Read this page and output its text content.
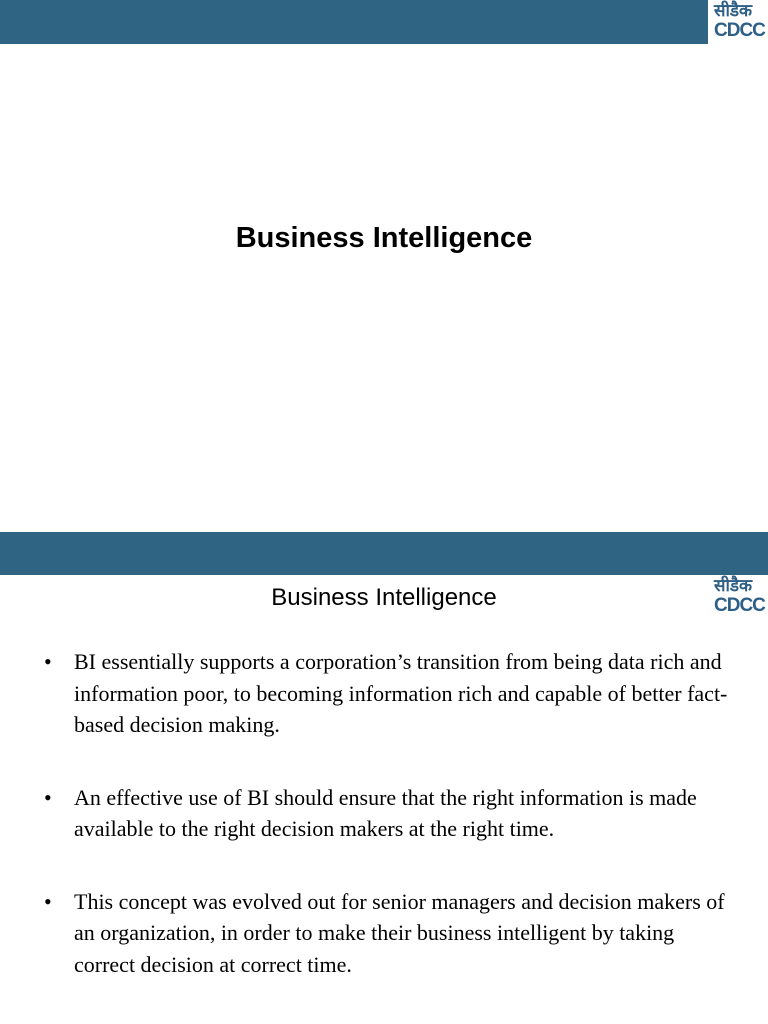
सीडैक
CDCC
Business Intelligence
सीडैक
CDCC
Business Intelligence
• BI essentially supports a corporation’s transition from being data rich and information poor, to becoming information rich and capable of better fact-based decision making.
• An effective use of BI should ensure that the right information is made available to the right decision makers at the right time.
• This concept was evolved out for senior managers and decision makers of an organization, in order to make their business intelligent by taking correct decision at correct time.
